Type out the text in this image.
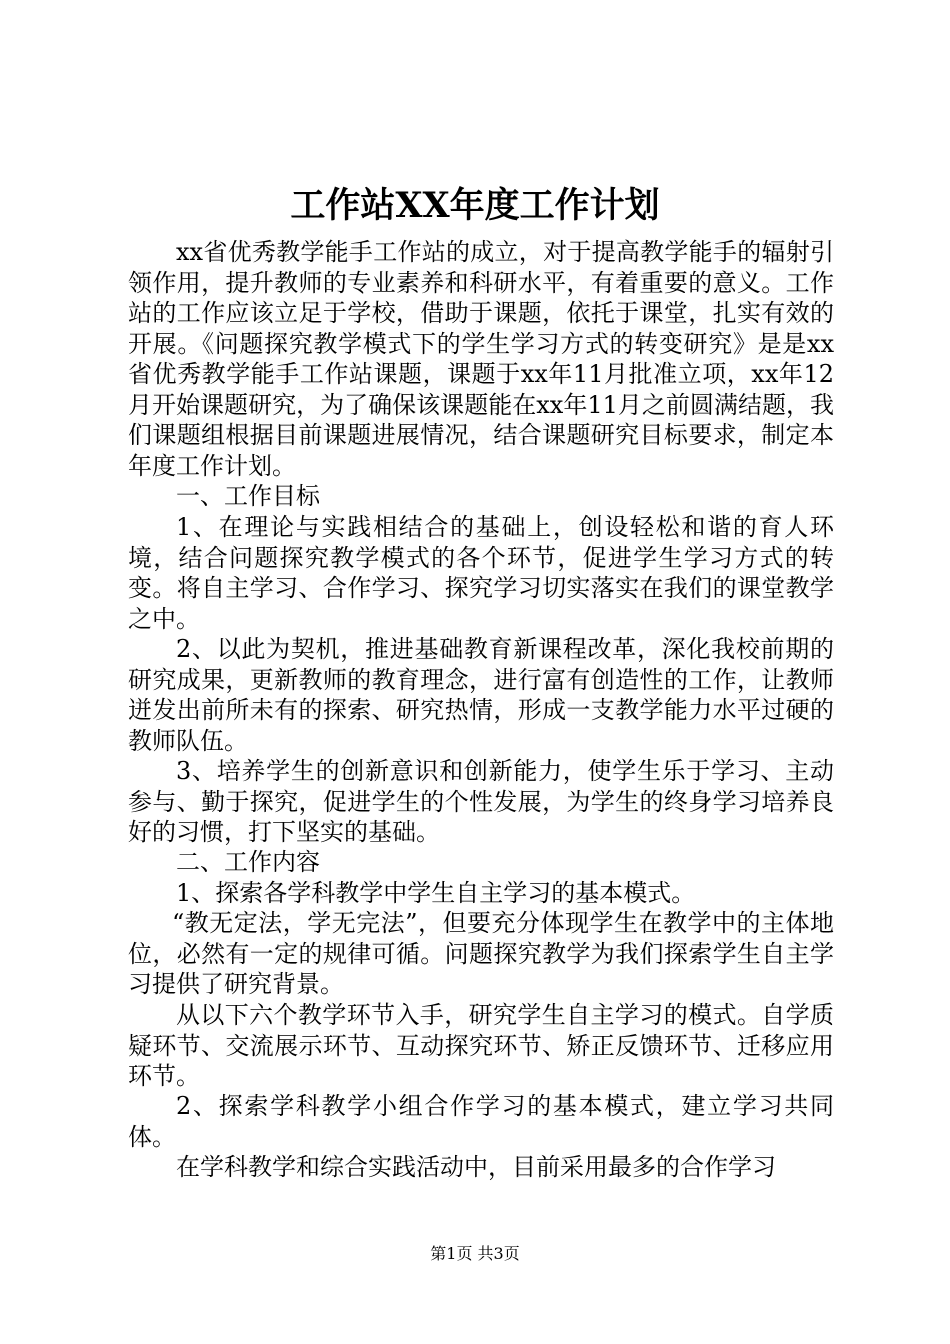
工作站XX年度工作计划

xx省优秀教学能手工作站的成立，对于提高教学能手的辐射引领作用，提升教师的专业素养和科研水平，有着重要的意义。工作站的工作应该立足于学校，借助于课题，依托于课堂，扎实有效的开展。《问题探究教学模式下的学生学习方式的转变研究》是是xx省优秀教学能手工作站课题，课题于xx年11月批准立项，xx年12月开始课题研究，为了确保该课题能在xx年11月之前圆满结题，我们课题组根据目前课题进展情况，结合课题研究目标要求，制定本年度工作计划。

一、工作目标

1、在理论与实践相结合的基础上，创设轻松和谐的育人环境，结合问题探究教学模式的各个环节，促进学生学习方式的转变。将自主学习、合作学习、探究学习切实落实在我们的课堂教学之中。

2、以此为契机，推进基础教育新课程改革，深化我校前期的研究成果，更新教师的教育理念，进行富有创造性的工作，让教师迸发出前所未有的探索、研究热情，形成一支教学能力水平过硬的教师队伍。

3、培养学生的创新意识和创新能力，使学生乐于学习、主动参与、勤于探究，促进学生的个性发展，为学生的终身学习培养良好的习惯，打下坚实的基础。

二、工作内容

1、探索各学科教学中学生自主学习的基本模式。

“教无定法，学无完法”，但要充分体现学生在教学中的主体地位，必然有一定的规律可循。问题探究教学为我们探索学生自主学习提供了研究背景。

从以下六个教学环节入手，研究学生自主学习的模式。自学质疑环节、交流展示环节、互动探究环节、矫正反馈环节、迁移应用环节。

2、探索学科教学小组合作学习的基本模式，建立学习共同体。

在学科教学和综合实践活动中，目前采用最多的合作学习

第1页 共3页
